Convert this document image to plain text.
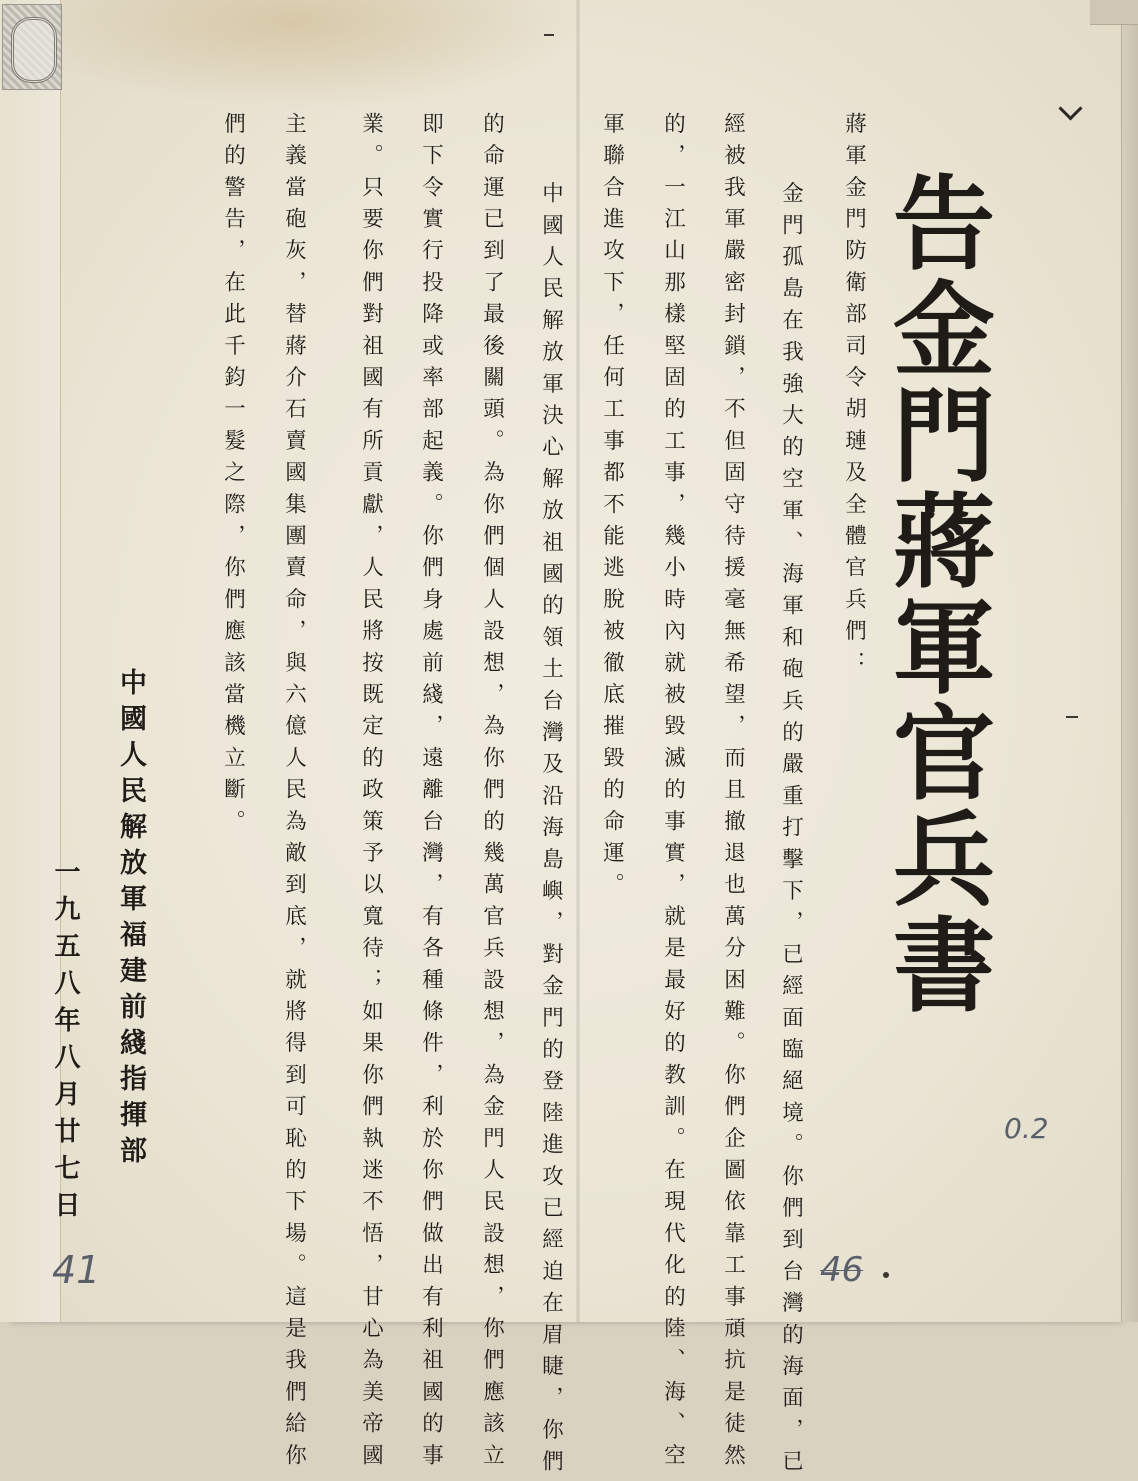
告金門蔣軍官兵書
蔣軍金門防衛部司令胡璉及全體官兵們：
　金門孤島在我強大的空軍、海軍和砲兵的嚴重打擊下，已經面臨絕境。你們到台灣的海面，已
經被我軍嚴密封鎖，不但固守待援毫無希望，而且撤退也萬分困難。你們企圖依靠工事頑抗是徒然
的，一江山那樣堅固的工事，幾小時內就被毀滅的事實，就是最好的教訓。在現代化的陸、海、空
軍聯合進攻下，任何工事都不能逃脫被徹底摧毀的命運。
　中國人民解放軍決心解放祖國的領土台灣及沿海島嶼，對金門的登陸進攻已經迫在眉睫，你們
的命運已到了最後關頭。為你們個人設想，為你們的幾萬官兵設想，為金門人民設想，你們應該立
即下令實行投降或率部起義。你們身處前綫，遠離台灣，有各種條件，利於你們做出有利祖國的事
業。只要你們對祖國有所貢獻，人民將按既定的政策予以寬待；如果你們執迷不悟，甘心為美帝國
主義當砲灰，替蔣介石賣國集團賣命，與六億人民為敵到底，就將得到可恥的下場。這是我們給你
們的警告，在此千鈞一髮之際，你們應該當機立斷。
中國人民解放軍福建前綫指揮部
一九五八年八月廿七日
41	46
0.2
